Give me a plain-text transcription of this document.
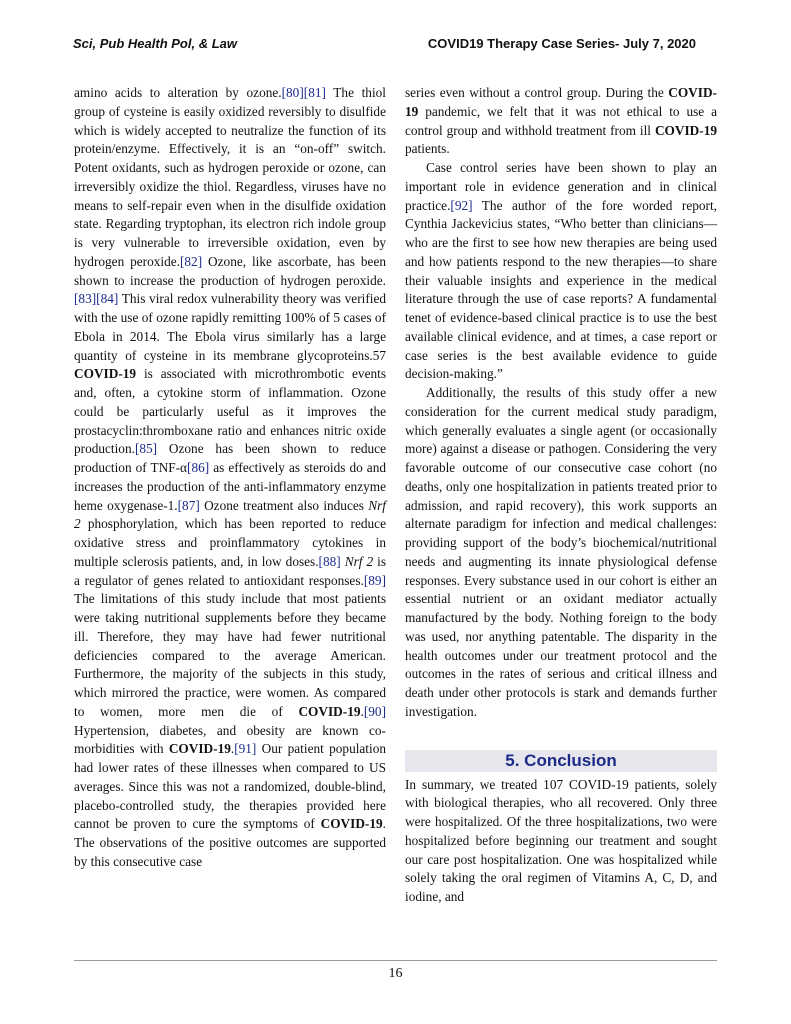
Sci, Pub Health Pol, & Law	COVID19 Therapy Case Series- July 7, 2020

amino acids to alteration by ozone.[80][81] The thiol group of cysteine is easily oxidized reversibly to disulfide which is widely accepted to neutralize the function of its protein/enzyme. Effectively, it is an “on-off” switch. Potent oxidants, such as hydrogen peroxide or ozone, can irreversibly oxidize the thiol. Regardless, viruses have no means to self-repair even when in the disulfide oxidation state. Regarding tryptophan, its electron rich indole group is very vulnerable to irreversible oxidation, even by hydrogen peroxide.[82] Ozone, like ascorbate, has been shown to increase the production of hydrogen peroxide.[83][84] This viral redox vulnerability theory was verified with the use of ozone rapidly remitting 100% of 5 cases of Ebola in 2014. The Ebola virus similarly has a large quantity of cysteine in its membrane glycoproteins.57 COVID-19 is associated with microthrombotic events and, often, a cytokine storm of inflammation. Ozone could be particularly useful as it improves the prostacyclin:thromboxane ratio and enhances nitric oxide production.[85] Ozone has been shown to reduce production of TNF-α[86] as effectively as steroids do and increases the production of the anti-inflammatory enzyme heme oxygenase-1.[87] Ozone treatment also induces Nrf 2 phosphorylation, which has been reported to reduce oxidative stress and proinflammatory cytokines in multiple sclerosis patients, and, in low doses.[88] Nrf 2 is a regulator of genes related to antioxidant responses.[89] The limitations of this study include that most patients were taking nutritional supplements before they became ill. Therefore, they may have had fewer nutritional deficiencies compared to the average American. Furthermore, the majority of the subjects in this study, which mirrored the practice, were women. As compared to women, more men die of COVID-19.[90] Hypertension, diabetes, and obesity are known co-morbidities with COVID-19.[91] Our patient population had lower rates of these illnesses when compared to US averages. Since this was not a randomized, double-blind, placebo-controlled study, the therapies provided here cannot be proven to cure the symptoms of COVID-19. The observations of the positive outcomes are supported by this consecutive case

series even without a control group. During the COVID-19 pandemic, we felt that it was not ethical to use a control group and withhold treatment from ill COVID-19 patients.

Case control series have been shown to play an important role in evidence generation and in clinical practice.[92] The author of the fore worded report, Cynthia Jackevicius states, “Who better than clinicians—who are the first to see how new therapies are being used and how patients respond to the new therapies—to share their valuable insights and experience in the medical literature through the use of case reports? A fundamental tenet of evidence-based clinical practice is to use the best available clinical evidence, and at times, a case report or case series is the best available evidence to guide decision-making.”

Additionally, the results of this study offer a new consideration for the current medical study paradigm, which generally evaluates a single agent (or occasionally more) against a disease or pathogen. Considering the very favorable outcome of our consecutive case cohort (no deaths, only one hospitalization in patients treated prior to admission, and rapid recovery), this work supports an alternate paradigm for infection and medical challenges: providing support of the body’s biochemical/nutritional needs and augmenting its innate physiological defense responses. Every substance used in our cohort is either an essential nutrient or an oxidant mediator actually manufactured by the body. Nothing foreign to the body was used, nor anything patentable. The disparity in the health outcomes under our treatment protocol and the outcomes in the rates of serious and critical illness and death under other protocols is stark and demands further investigation.

5. Conclusion

In summary, we treated 107 COVID-19 patients, solely with biological therapies, who all recovered. Only three were hospitalized. Of the three hospitalizations, two were hospitalized before beginning our treatment and sought our care post hospitalization. One was hospitalized while solely taking the oral regimen of Vitamins A, C, D, and iodine, and

16
